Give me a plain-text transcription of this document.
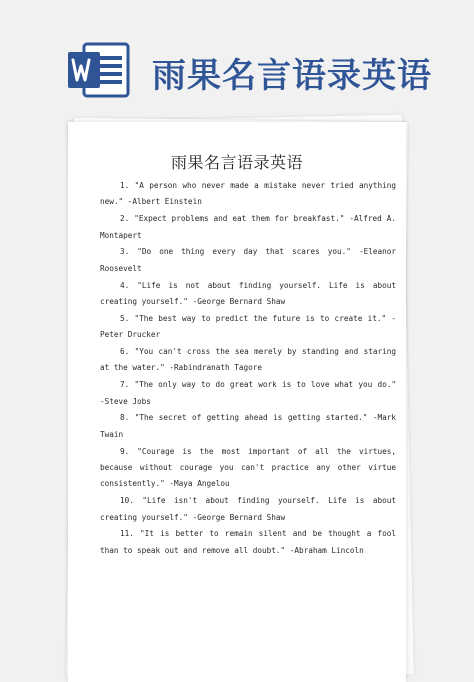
雨果名言语录英语
雨果名言语录英语
1. "A person who never made a mistake never tried anything new." -Albert Einstein
2. "Expect problems and eat them for breakfast." -Alfred A. Montapert
3. "Do one thing every day that scares you." -Eleanor Roosevelt
4. "Life is not about finding yourself. Life is about creating yourself." -George Bernard Shaw
5. "The best way to predict the future is to create it." -Peter Drucker
6. "You can't cross the sea merely by standing and staring at the water." -Rabindranath Tagore
7. "The only way to do great work is to love what you do." -Steve Jobs
8. "The secret of getting ahead is getting started." -Mark Twain
9. "Courage is the most important of all the virtues, because without courage you can't practice any other virtue consistently." -Maya Angelou
10. "Life isn't about finding yourself. Life is about creating yourself." -George Bernard Shaw
11. "It is better to remain silent and be thought a fool than to speak out and remove all doubt." -Abraham Lincoln
